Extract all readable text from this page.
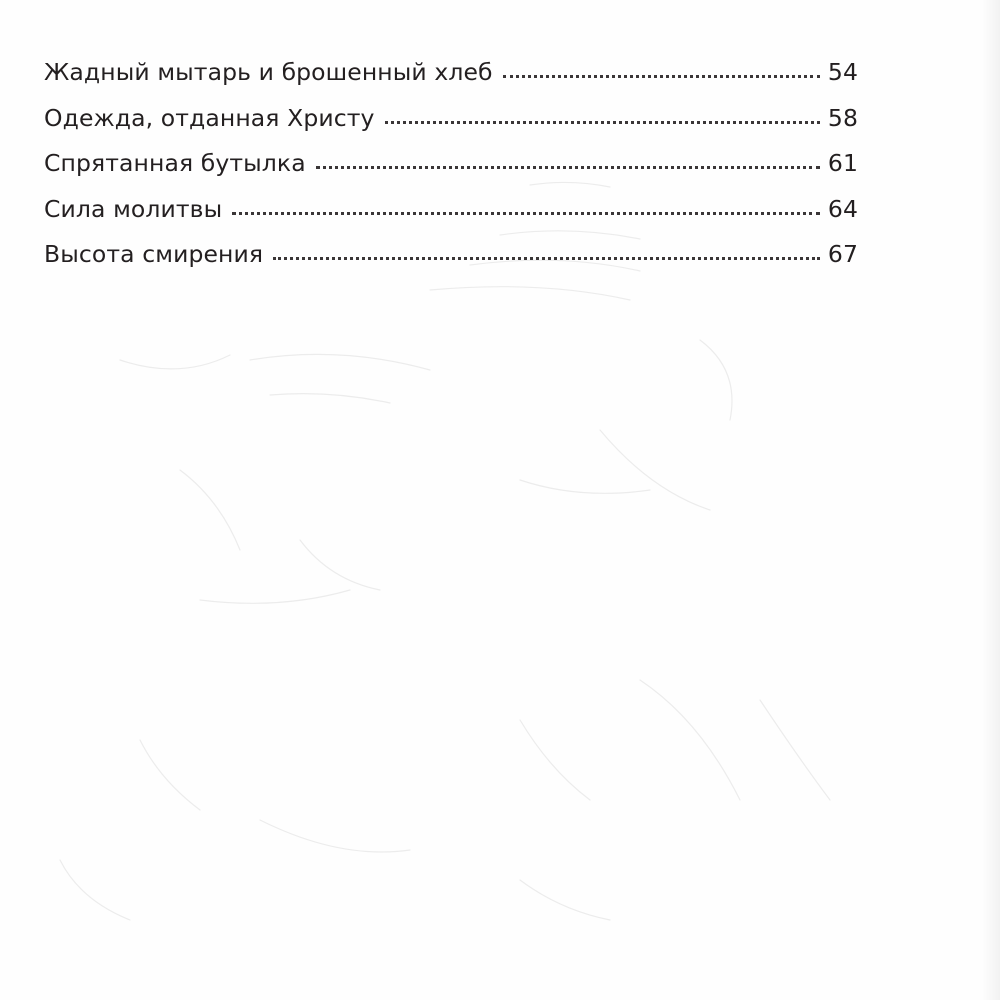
Жадный мытарь и брошенный хлеб	54
Одежда, отданная Христу	58
Спрятанная бутылка	61
Сила молитвы	64
Высота смирения	67
